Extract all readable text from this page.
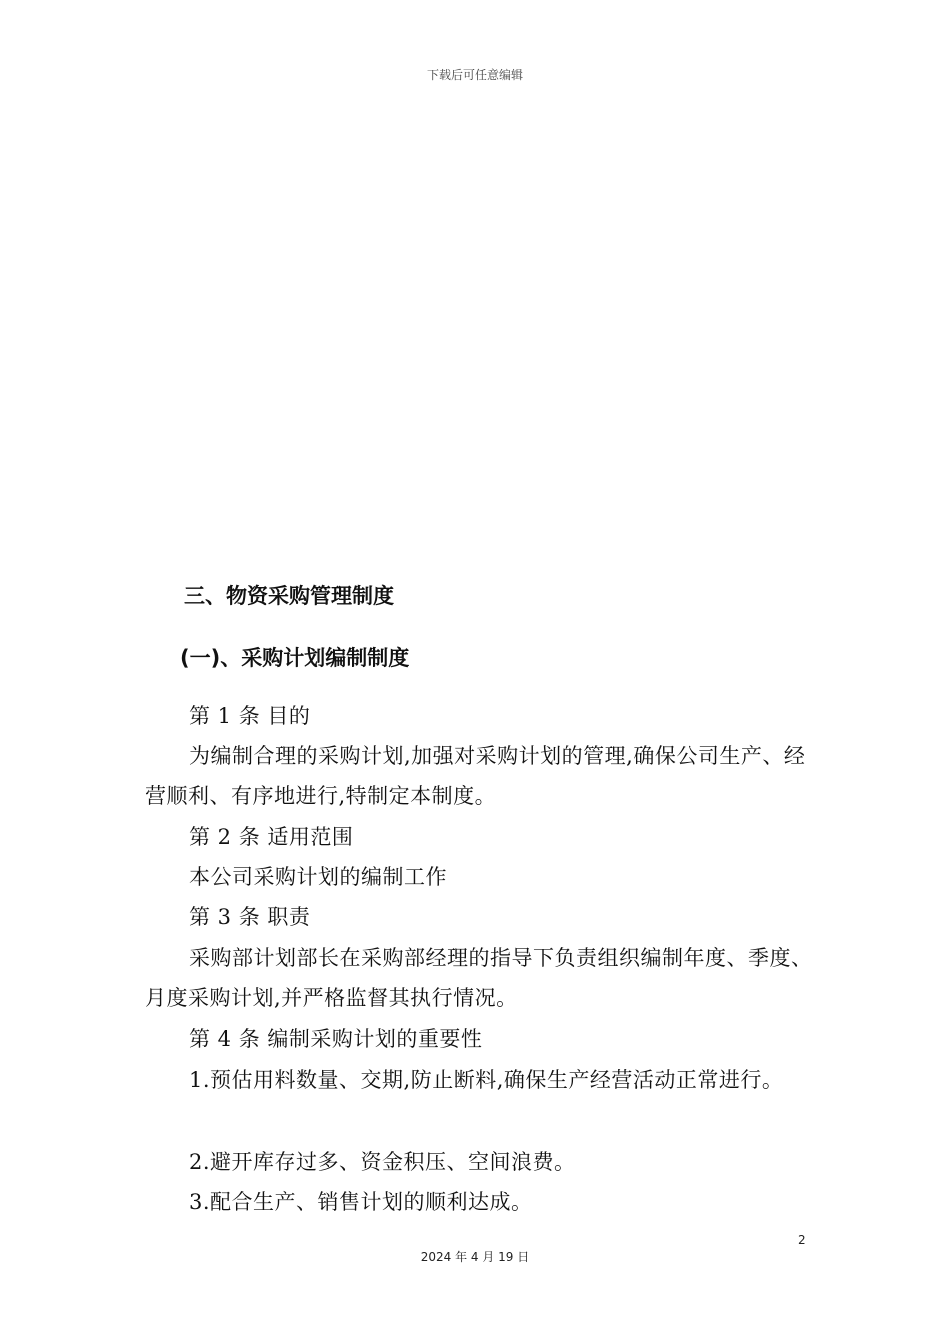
下载后可任意编辑
三、物资采购管理制度
(一)、采购计划编制制度

第 1 条 目的

为编制合理的采购计划,加强对采购计划的管理,确保公司生产、经营顺利、有序地进行,特制定本制度。

第 2 条 适用范围

本公司采购计划的编制工作

第 3 条 职责

采购部计划部长在采购部经理的指导下负责组织编制年度、季度、月度采购计划,并严格监督其执行情况。

第 4 条 编制采购计划的重要性

1.预估用料数量、交期,防止断料,确保生产经营活动正常进行。

2.避开库存过多、资金积压、空间浪费。

3.配合生产、销售计划的顺利达成。

2
2024 年 4 月 19 日
